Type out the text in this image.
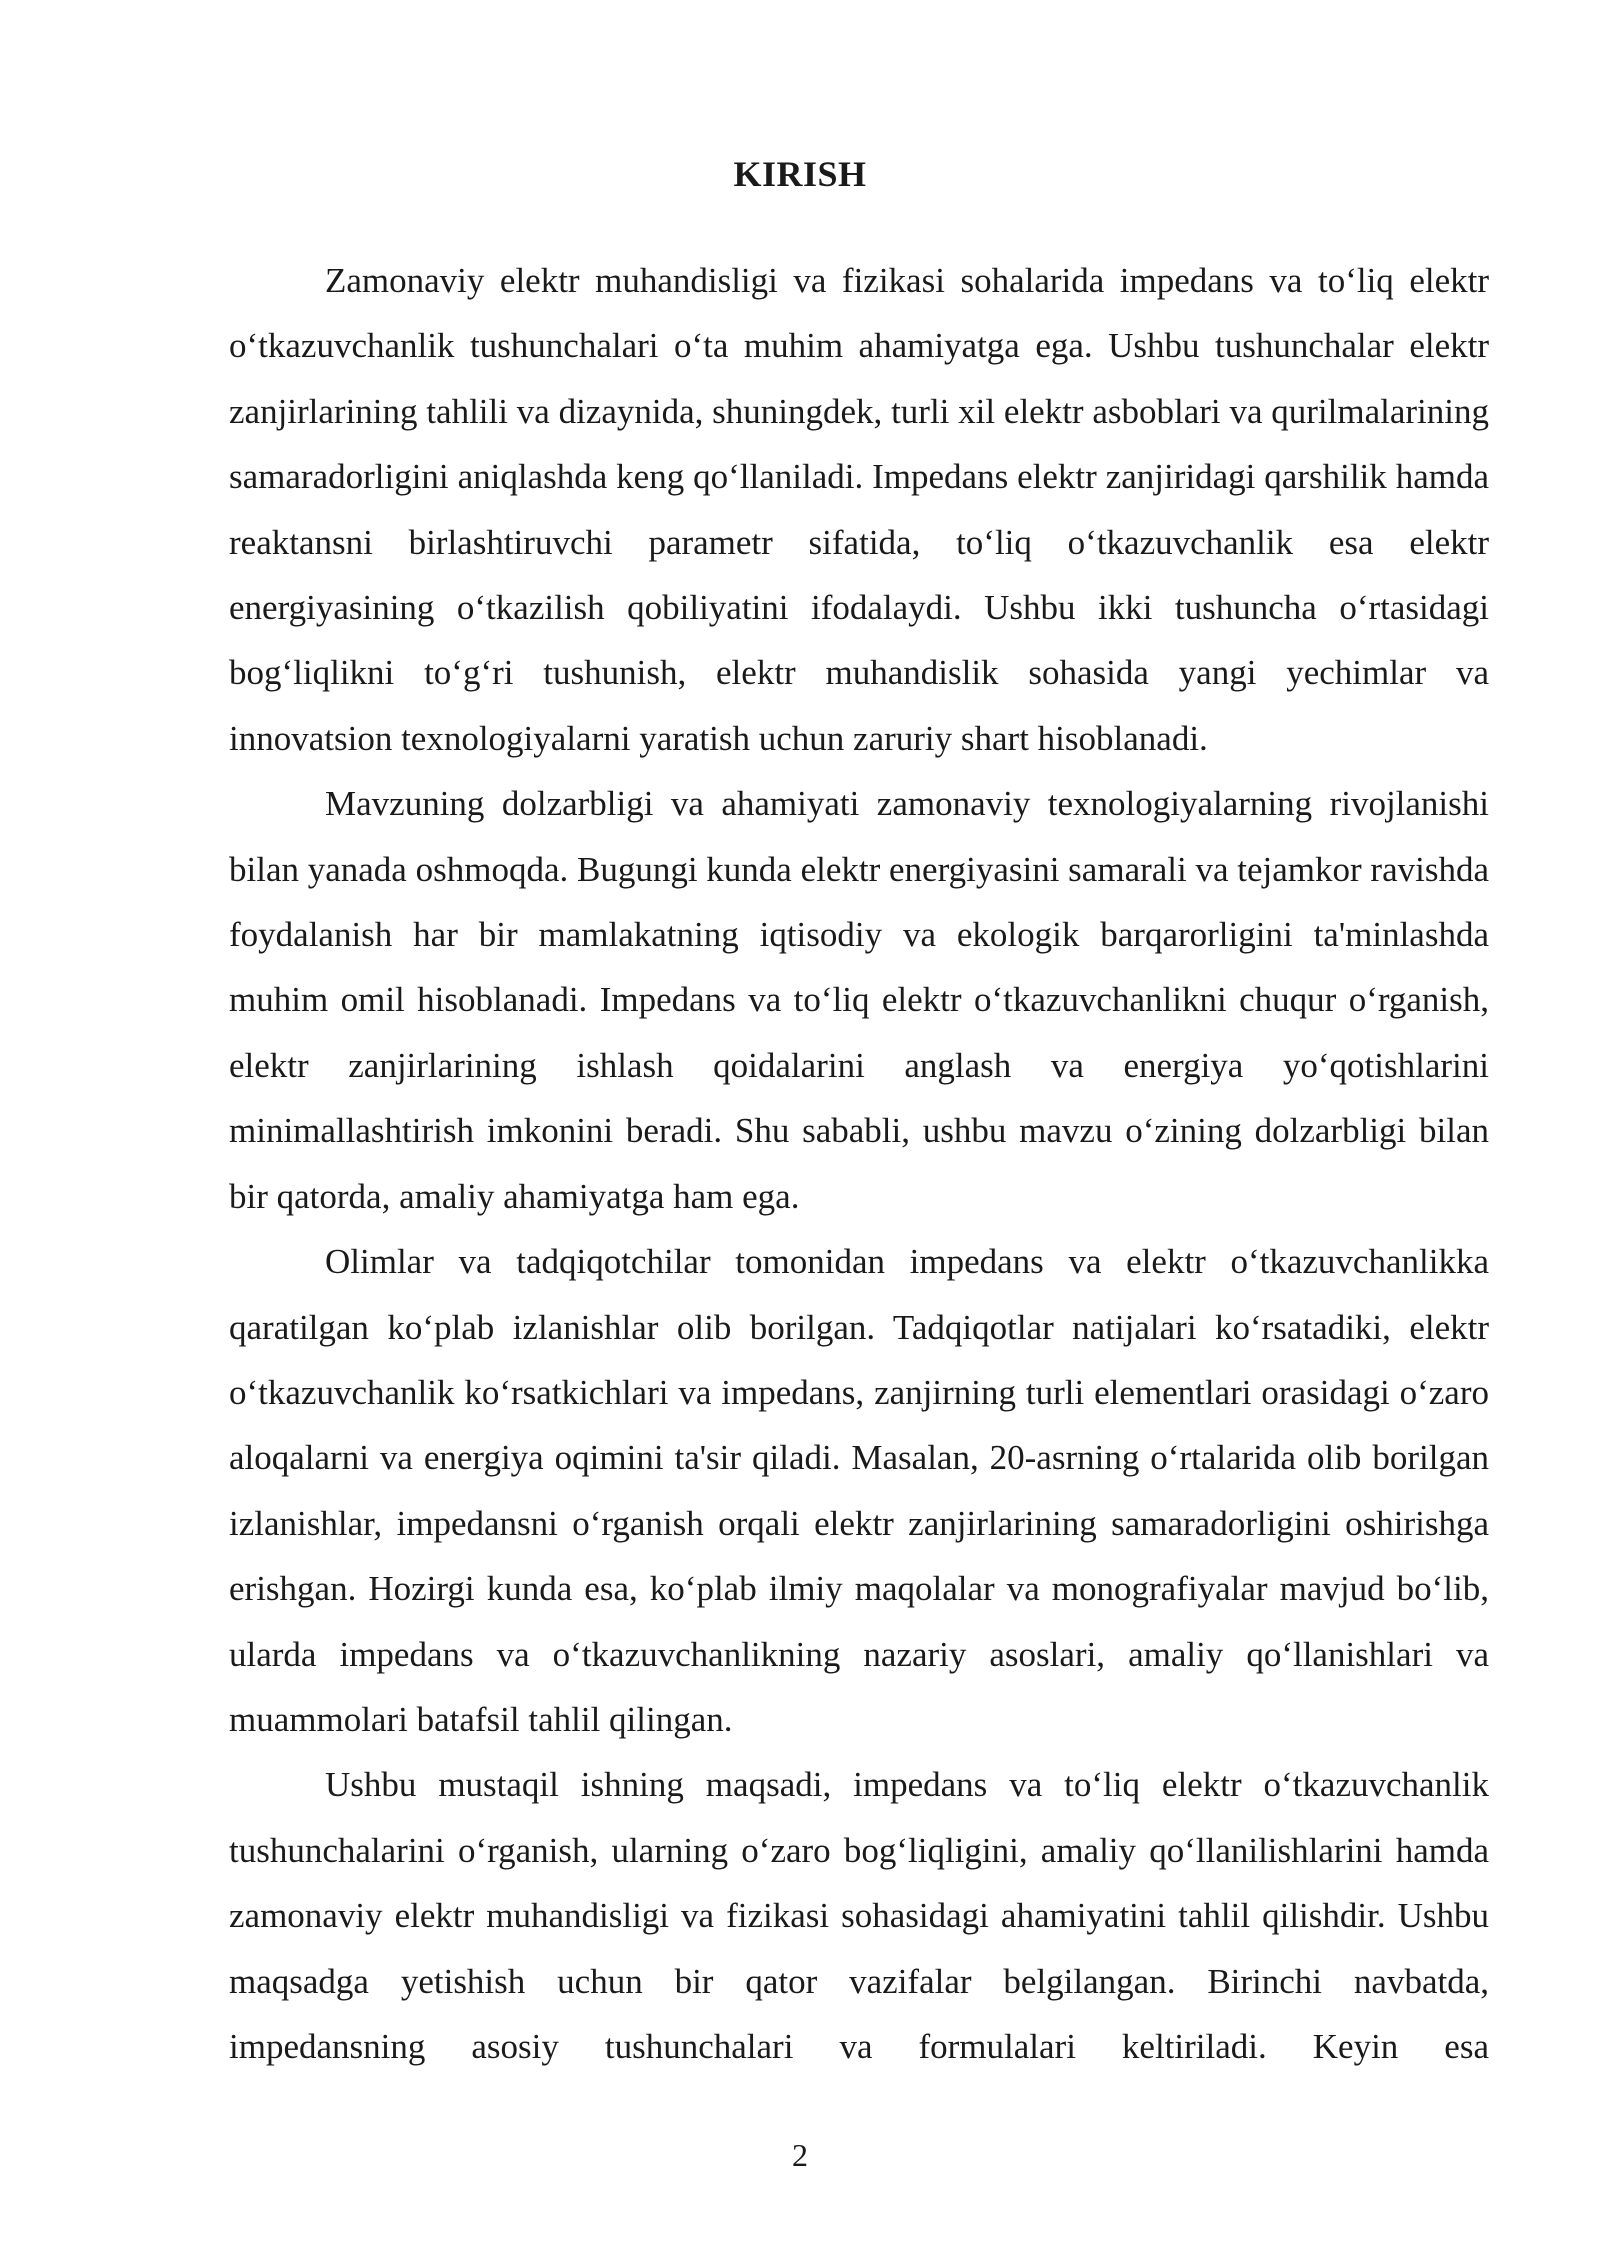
KIRISH

Zamonaviy elektr muhandisligi va fizikasi sohalarida impedans va to‘liq elektr o‘tkazuvchanlik tushunchalari o‘ta muhim ahamiyatga ega. Ushbu tushunchalar elektr zanjirlarining tahlili va dizaynida, shuningdek, turli xil elektr asboblari va qurilmalarining samaradorligini aniqlashda keng qo‘llaniladi. Impedans elektr zanjiridagi qarshilik hamda reaktansni birlashtiruvchi parametr sifatida, to‘liq o‘tkazuvchanlik esa elektr energiyasining o‘tkazilish qobiliyatini ifodalaydi. Ushbu ikki tushuncha o‘rtasidagi bog‘liqlikni to‘g‘ri tushunish, elektr muhandislik sohasida yangi yechimlar va innovatsion texnologiyalarni yaratish uchun zaruriy shart hisoblanadi.

Mavzuning dolzarbligi va ahamiyati zamonaviy texnologiyalarning rivojlanishi bilan yanada oshmoqda. Bugungi kunda elektr energiyasini samarali va tejamkor ravishda foydalanish har bir mamlakatning iqtisodiy va ekologik barqarorligini ta'minlashda muhim omil hisoblanadi. Impedans va to‘liq elektr o‘tkazuvchanlikni chuqur o‘rganish, elektr zanjirlarining ishlash qoidalarini anglash va energiya yo‘qotishlarini minimallashtirish imkonini beradi. Shu sababli, ushbu mavzu o‘zining dolzarbligi bilan bir qatorda, amaliy ahamiyatga ham ega.

Olimlar va tadqiqotchilar tomonidan impedans va elektr o‘tkazuvchanlikka qaratilgan ko‘plab izlanishlar olib borilgan. Tadqiqotlar natijalari ko‘rsatadiki, elektr o‘tkazuvchanlik ko‘rsatkichlari va impedans, zanjirning turli elementlari orasidagi o‘zaro aloqalarni va energiya oqimini ta'sir qiladi. Masalan, 20-asrning o‘rtalarida olib borilgan izlanishlar, impedansni o‘rganish orqali elektr zanjirlarining samaradorligini oshirishga erishgan. Hozirgi kunda esa, ko‘plab ilmiy maqolalar va monografiyalar mavjud bo‘lib, ularda impedans va o‘tkazuvchanlikning nazariy asoslari, amaliy qo‘llanishlari va muammolari batafsil tahlil qilingan.

Ushbu mustaqil ishning maqsadi, impedans va to‘liq elektr o‘tkazuvchanlik tushunchalarini o‘rganish, ularning o‘zaro bog‘liqligini, amaliy qo‘llanilishlarini hamda zamonaviy elektr muhandisligi va fizikasi sohasidagi ahamiyatini tahlil qilishdir. Ushbu maqsadga yetishish uchun bir qator vazifalar belgilangan. Birinchi navbatda, impedansning asosiy tushunchalari va formulalari keltiriladi. Keyin esa

2
